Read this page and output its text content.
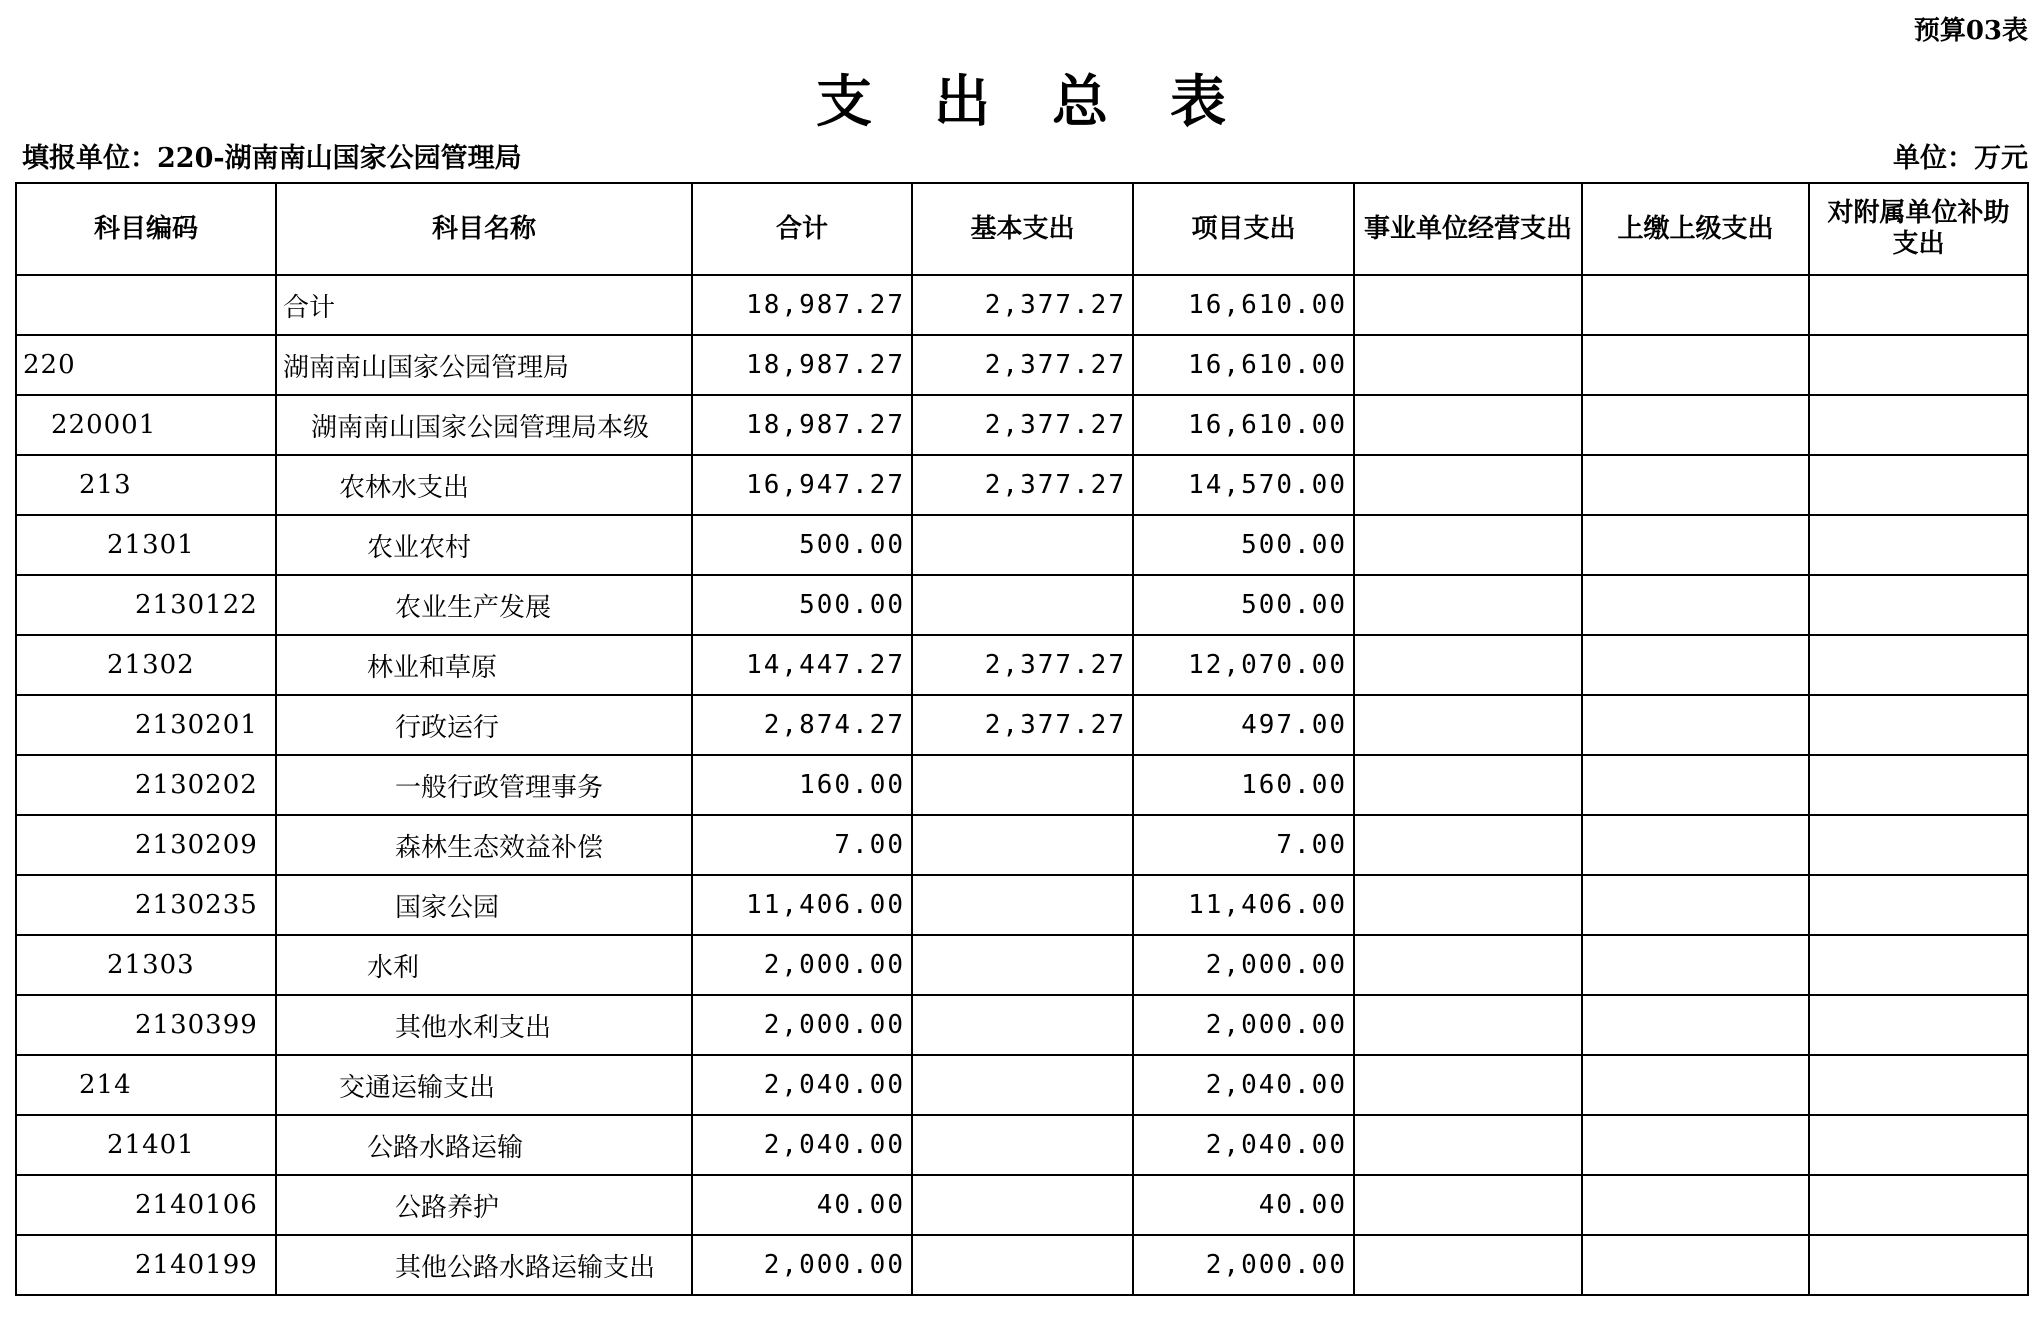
预算03表
支出总表
填报单位：220-湖南南山国家公园管理局	单位：万元
科目编码	科目名称	合计	基本支出	项目支出	事业单位经营支出	上缴上级支出	对附属单位补助支出
	合计	18,987.27	2,377.27	16,610.00			
220	湖南南山国家公园管理局	18,987.27	2,377.27	16,610.00			
220001	湖南南山国家公园管理局本级	18,987.27	2,377.27	16,610.00			
213	农林水支出	16,947.27	2,377.27	14,570.00			
21301	农业农村	500.00		500.00			
2130122	农业生产发展	500.00		500.00			
21302	林业和草原	14,447.27	2,377.27	12,070.00			
2130201	行政运行	2,874.27	2,377.27	497.00			
2130202	一般行政管理事务	160.00		160.00			
2130209	森林生态效益补偿	7.00		7.00			
2130235	国家公园	11,406.00		11,406.00			
21303	水利	2,000.00		2,000.00			
2130399	其他水利支出	2,000.00		2,000.00			
214	交通运输支出	2,040.00		2,040.00			
21401	公路水路运输	2,040.00		2,040.00			
2140106	公路养护	40.00		40.00			
2140199	其他公路水路运输支出	2,000.00		2,000.00			
